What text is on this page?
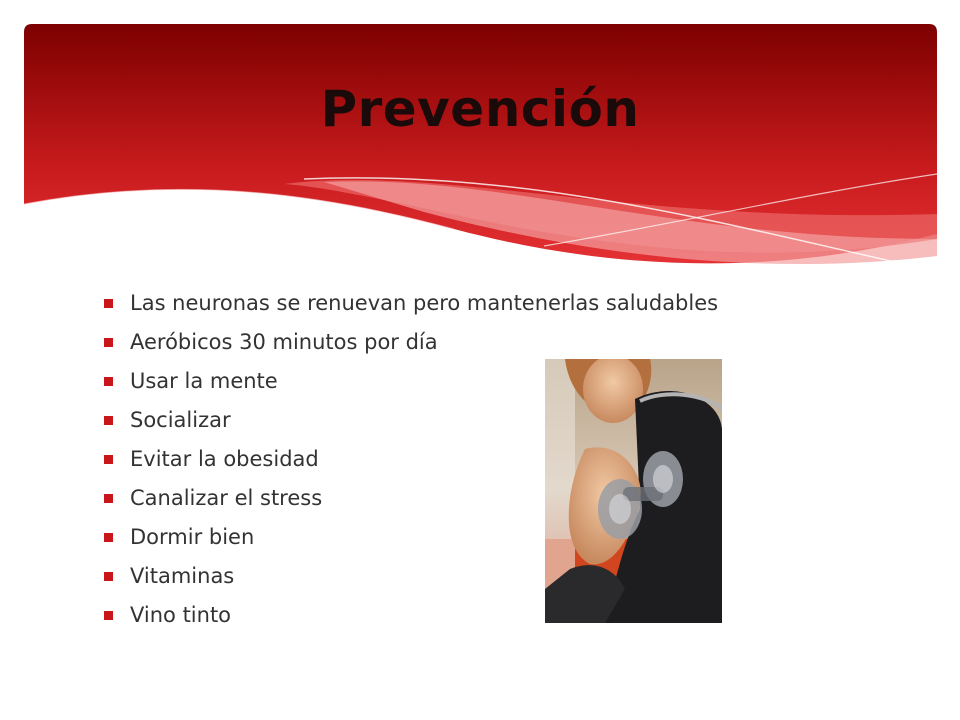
Prevención
Las neuronas se renuevan pero mantenerlas saludables
Aeróbicos 30 minutos por día
Usar la mente
Socializar
Evitar la obesidad
Canalizar el stress
Dormir bien
Vitaminas
Vino tinto
